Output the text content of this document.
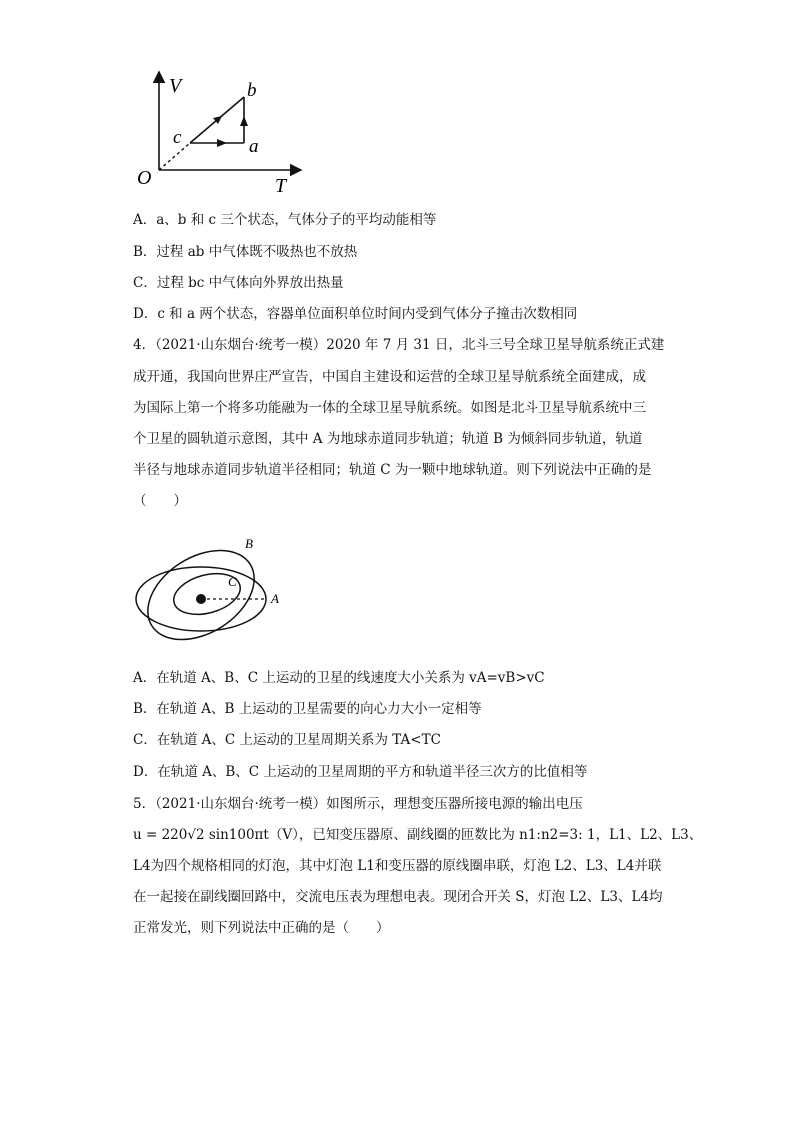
V
T
O
b
c	a
A．a、b 和 c 三个状态，气体分子的平均动能相等
B．过程 ab 中气体既不吸热也不放热
C．过程 bc 中气体向外界放出热量
D．c 和 a 两个状态，容器单位面积单位时间内受到气体分子撞击次数相同
4．（2021·山东烟台·统考一模）2020 年 7 月 31 日，北斗三号全球卫星导航系统正式建
成开通，我国向世界庄严宣告，中国自主建设和运营的全球卫星导航系统全面建成，成
为国际上第一个将多功能融为一体的全球卫星导航系统。如图是北斗卫星导航系统中三
个卫星的圆轨道示意图，其中 A 为地球赤道同步轨道；轨道 B 为倾斜同步轨道，轨道
半径与地球赤道同步轨道半径相同；轨道 C 为一颗中地球轨道。则下列说法中正确的是
（　　）
B
C
A
A．在轨道 A、B、C 上运动的卫星的线速度大小关系为 vA=vB>vC
B．在轨道 A、B 上运动的卫星需要的向心力大小一定相等
C．在轨道 A、C 上运动的卫星周期关系为 TA<TC
D．在轨道 A、B、C 上运动的卫星周期的平方和轨道半径三次方的比值相等
5．（2021·山东烟台·统考一模）如图所示，理想变压器所接电源的输出电压
u = 220√2 sin100πt（V），已知变压器原、副线圈的匝数比为 n1:n2=3: 1，L1、L2、L3、
L4为四个规格相同的灯泡，其中灯泡 L1和变压器的原线圈串联，灯泡 L2、L3、L4并联
在一起接在副线圈回路中，交流电压表为理想电表。现闭合开关 S，灯泡 L2、L3、L4均
正常发光，则下列说法中正确的是（　　）
